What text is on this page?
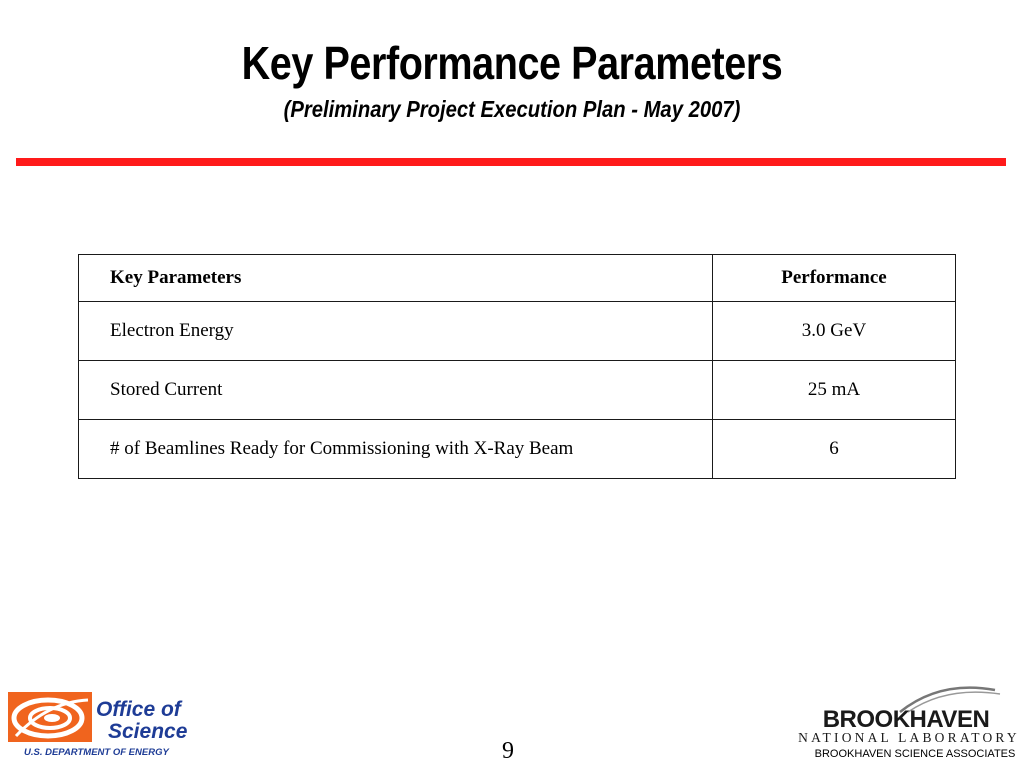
Key Performance Parameters
(Preliminary Project Execution Plan - May 2007)
Key Parameters	Performance
Electron Energy	3.0 GeV
Stored Current	25 mA
# of Beamlines Ready for Commissioning with X-Ray Beam	6
Office of
Science
U.S. DEPARTMENT OF ENERGY	9
BROOKHAVEN
NATIONAL LABORATORY
BROOKHAVEN SCIENCE ASSOCIATES
